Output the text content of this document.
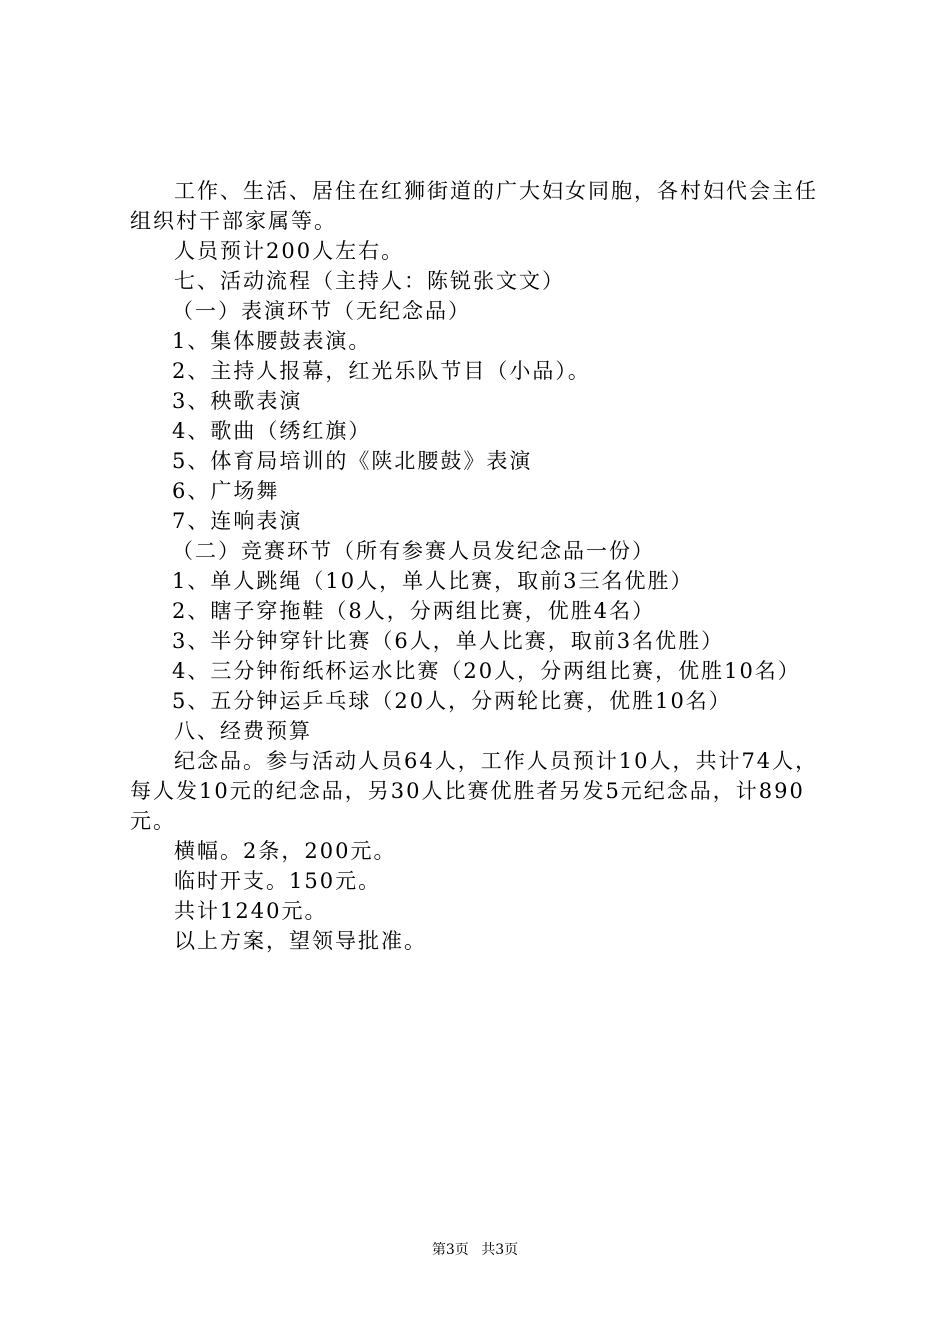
工作、生活、居住在红狮街道的广大妇女同胞，各村妇代会主任组织村干部家属等。

人员预计200人左右。

七、活动流程（主持人：陈锐张文文）

（一）表演环节（无纪念品）

1、集体腰鼓表演。

2、主持人报幕，红光乐队节目（小品）。

3、秧歌表演

4、歌曲（绣红旗）

5、体育局培训的《陕北腰鼓》表演

6、广场舞

7、连响表演

（二）竞赛环节（所有参赛人员发纪念品一份）

1、单人跳绳（10人，单人比赛，取前3三名优胜）

2、瞎子穿拖鞋（8人，分两组比赛，优胜4名）

3、半分钟穿针比赛（6人，单人比赛，取前3名优胜）

4、三分钟衔纸杯运水比赛（20人，分两组比赛，优胜10名）

5、五分钟运乒乓球（20人，分两轮比赛，优胜10名）

八、经费预算

纪念品。参与活动人员64人，工作人员预计10人，共计74人，每人发10元的纪念品，另30人比赛优胜者另发5元纪念品，计890元。

横幅。2条，200元。

临时开支。150元。

共计1240元。

以上方案，望领导批准。

第3页 共3页
